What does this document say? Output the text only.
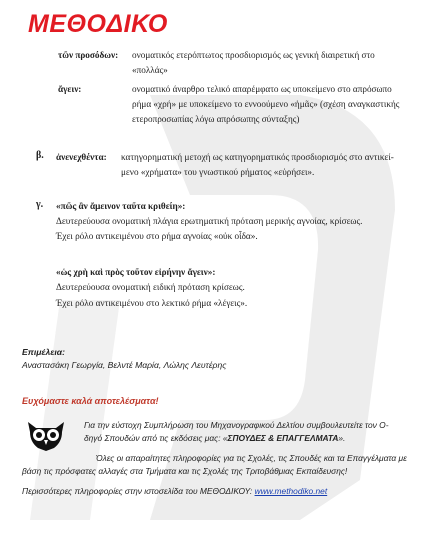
ΜΕΘΟΔΙΚΟ
τῶν προσόδων: ονοματικός ετερόπτωτος προσδιορισμός ως γενική διαιρετική στο
«πολλάς»
ἄγειν:	ονοματικό άναρθρο τελικό απαρέμφατο ως υποκείμενο στο απρόσωπο
ρήμα «χρή» με υποκείμενο το εννοούμενο «ἡμᾶς» (σχέση αναγκαστικής
ετεροπροσωπίας λόγω απρόσωπης σύνταξης)
β. ἀνενεχθέντα: κατηγορηματική μετοχή ως κατηγορηματικός προσδιορισμός στο αντικεί-
μενο «χρήματα» του γνωστικού ρήματος «εὑρήσει».
γ. «πῶς ἂν ἄμεινον ταῦτα κριθείη»:
Δευτερεύουσα ονοματική πλάγια ερωτηματική πρόταση μερικής αγνοίας, κρίσεως.
Έχει ρόλο αντικειμένου στο ρήμα αγνοίας «οὐκ οἶδα».
«ὡς χρὴ καὶ πρὸς τοῦτον εἰρήνην ἄγειν»:
Δευτερεύουσα ονοματική ειδική πρόταση κρίσεως.
Έχει ρόλο αντικειμένου στο λεκτικό ρήμα «λέγεις».
Επιμέλεια:
Αναστασάκη Γεωργία, Βελντέ Μαρία, Λώλης Λευτέρης
Ευχόμαστε καλά αποτελέσματα!
Για την εύστοχη Συμπλήρωση του Μηχανογραφικού Δελτίου συμβουλευτείτε τον Ο-
δηγό Σπουδών από τις εκδόσεις μας: «ΣΠΟΥΔΕΣ & ΕΠΑΓΓΕΛΜΑΤΑ».
Όλες οι απαραίτητες πληροφορίες για τις Σχολές, τις Σπουδές και τα Επαγγέλματα με
βάση τις πρόσφατες αλλαγές στα Τμήματα και τις Σχολές της Τριτοβάθμιας Εκπαίδευσης!
Περισσότερες πληροφορίες στην ιστοσελίδα του ΜΕΘΟΔΙΚΟΥ: www.methodiko.net
